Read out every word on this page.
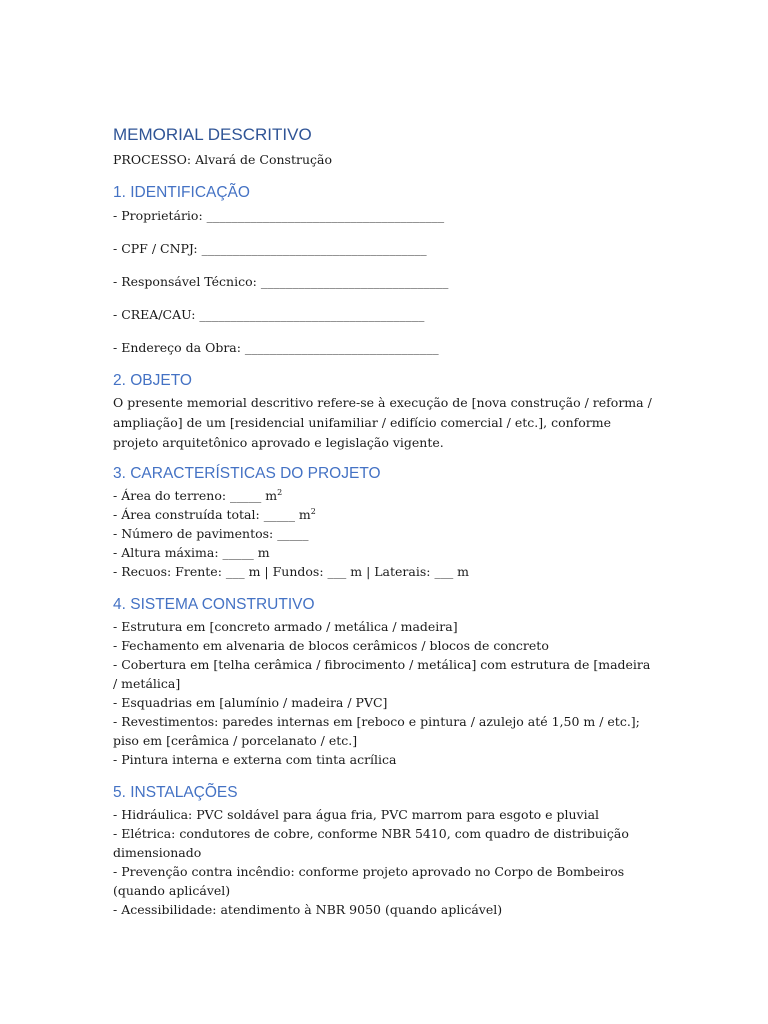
MEMORIAL DESCRITIVO

PROCESSO: Alvará de Construção

1. IDENTIFICAÇÃO

- Proprietário: ______________________________________

- CPF / CNPJ: ____________________________________

- Responsável Técnico: ______________________________

- CREA/CAU: ____________________________________

- Endereço da Obra: _______________________________

2. OBJETO

O presente memorial descritivo refere-se à execução de [nova construção / reforma / ampliação] de um [residencial unifamiliar / edifício comercial / etc.], conforme projeto arquitetônico aprovado e legislação vigente.

3. CARACTERÍSTICAS DO PROJETO

- Área do terreno: _____ $m^2$

- Área construída total: _____ $m^2$

- Número de pavimentos: _____

- Altura máxima: _____ m

- Recuos: Frente: ___ m | Fundos: ___ m | Laterais: ___ m

4. SISTEMA CONSTRUTIVO

- Estrutura em [concreto armado / metálica / madeira]

- Fechamento em alvenaria de blocos cerâmicos / blocos de concreto

- Cobertura em [telha cerâmica / fibrocimento / metálica] com estrutura de [madeira / metálica]

- Esquadrias em [alumínio / madeira / PVC]

- Revestimentos: paredes internas em [reboco e pintura / azulejo até 1,50 m / etc.]; piso em [cerâmica / porcelanato / etc.]

- Pintura interna e externa com tinta acrílica

5. INSTALAÇÕES

- Hidráulica: PVC soldável para água fria, PVC marrom para esgoto e pluvial

- Elétrica: condutores de cobre, conforme NBR 5410, com quadro de distribuição dimensionado

- Prevenção contra incêndio: conforme projeto aprovado no Corpo de Bombeiros (quando aplicável)

- Acessibilidade: atendimento à NBR 9050 (quando aplicável)
